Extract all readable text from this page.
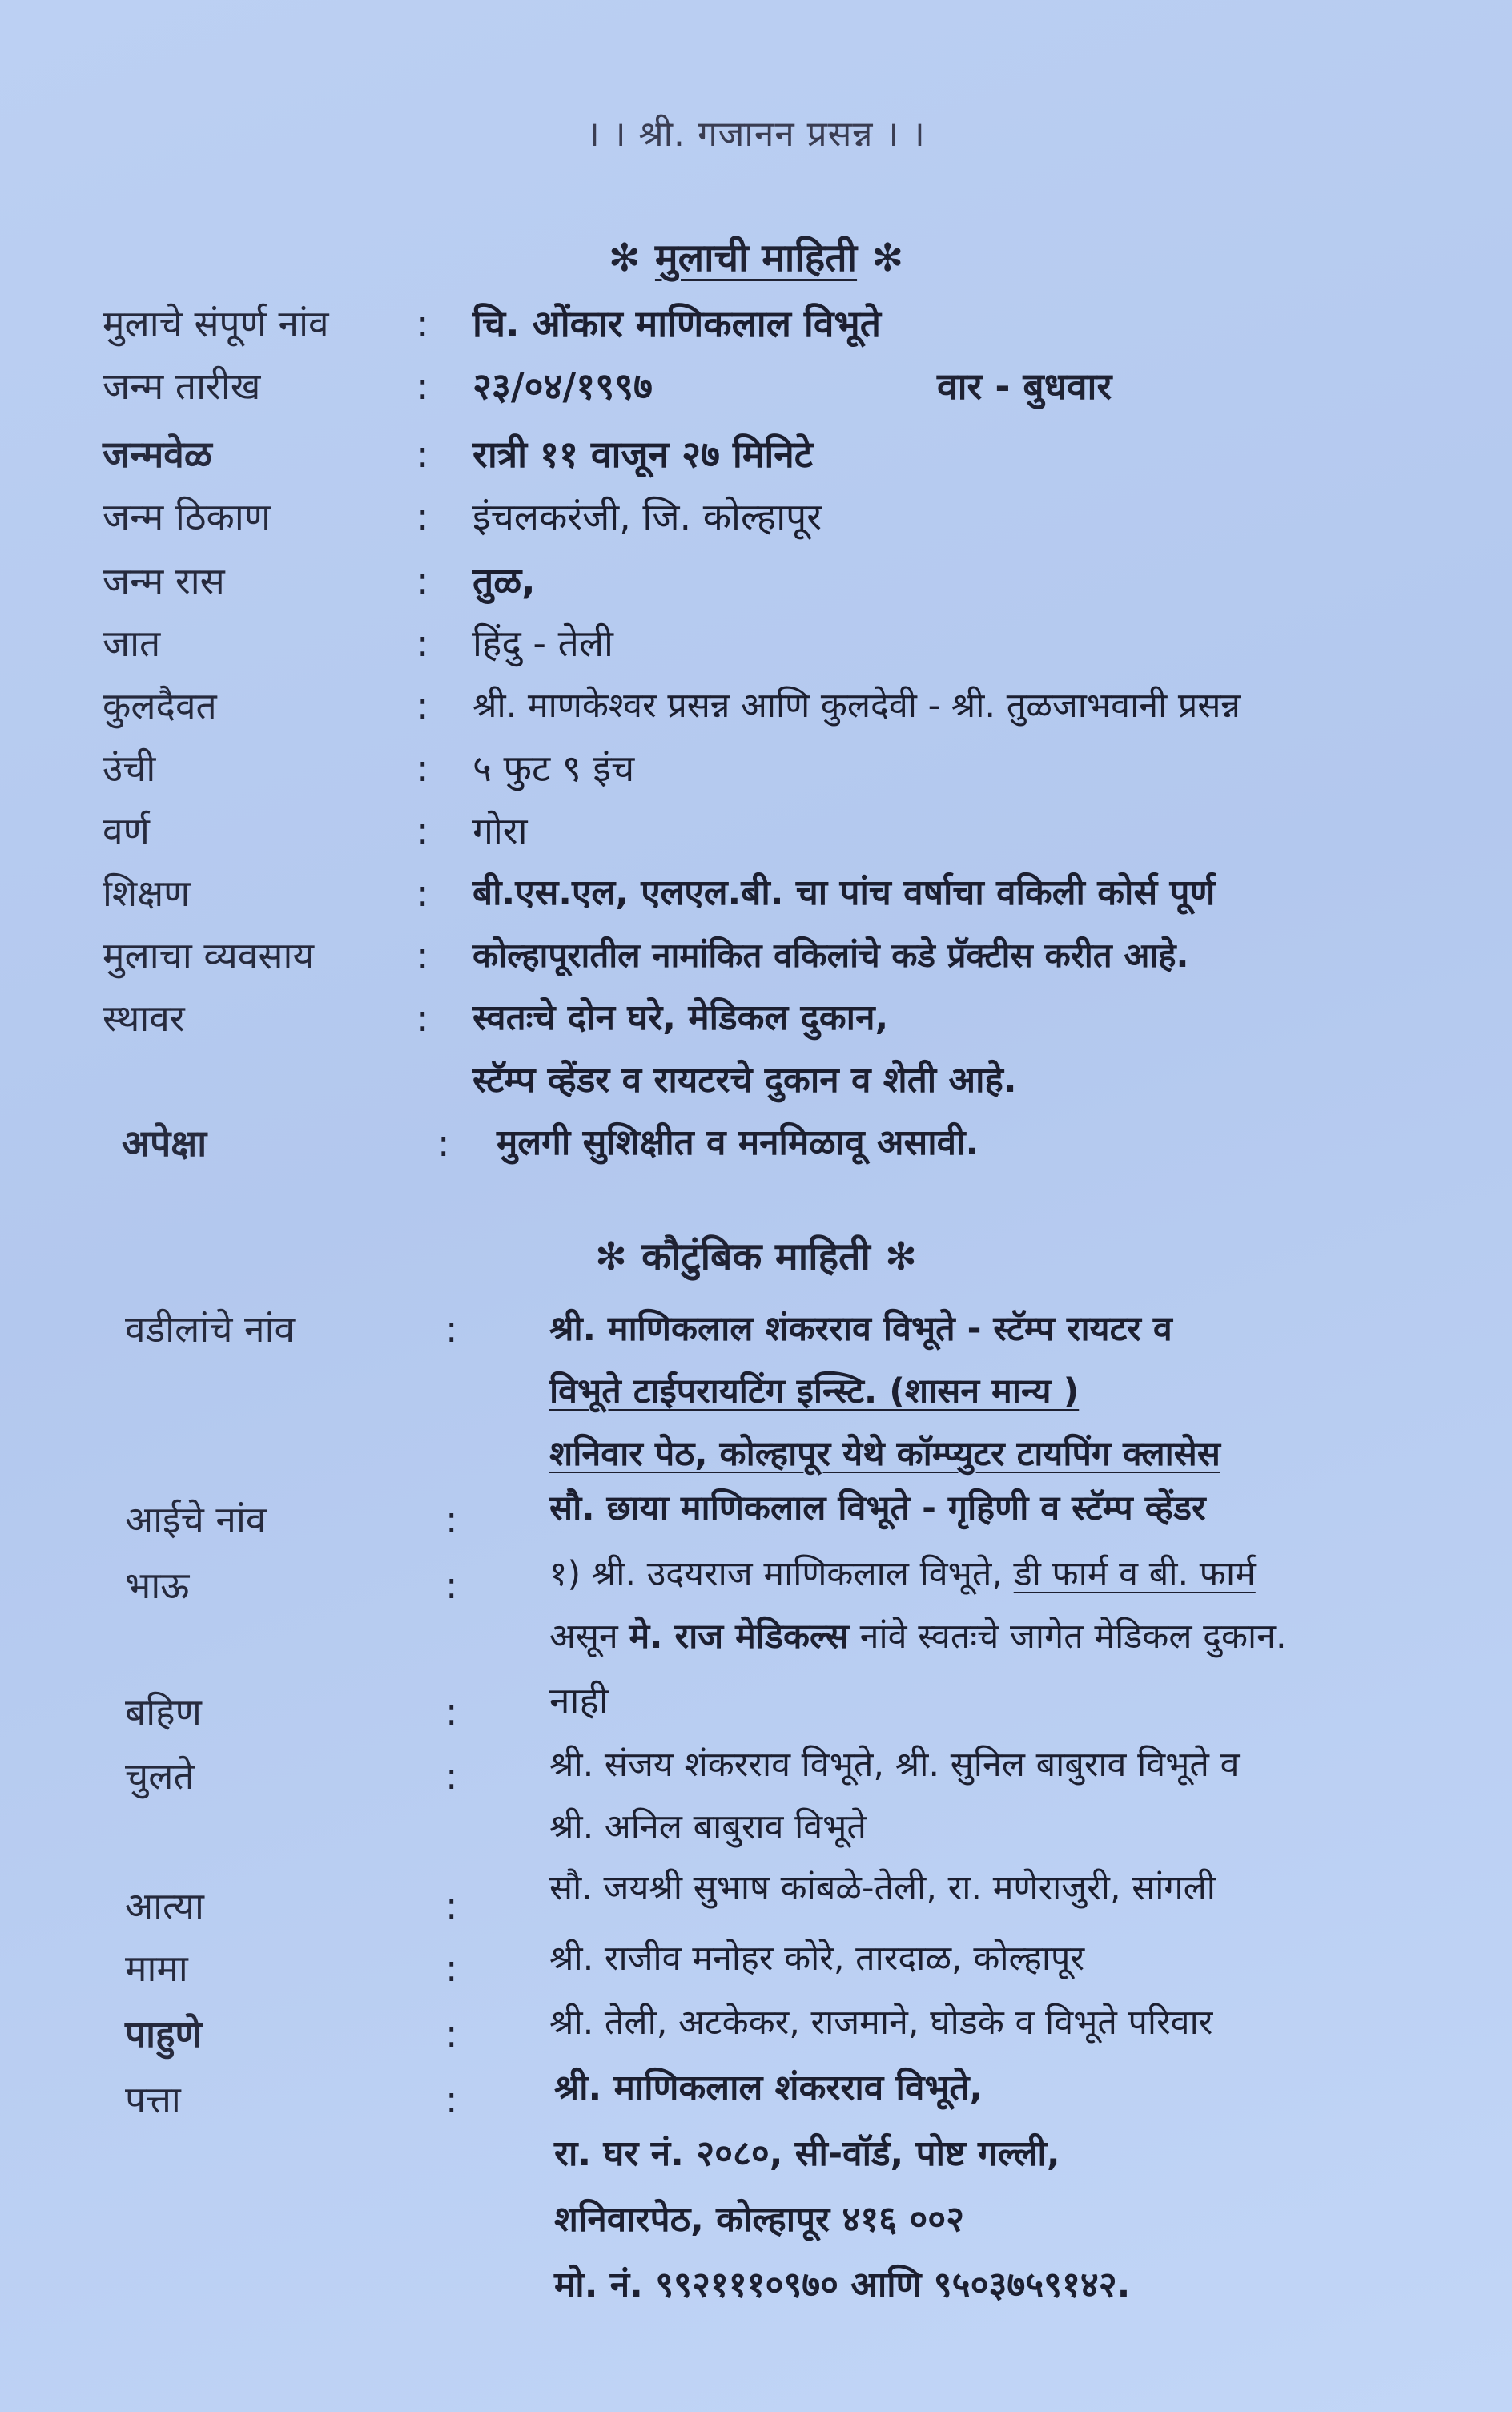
। । श्री. गजानन प्रसन्न । ।
✻ मुलाची माहिती ✻
मुलाचे संपूर्ण नांव : चि. ओंकार माणिकलाल विभूते
जन्म तारीख	: २३/०४/१९९७	वार - बुधवार
जन्मवेळ	: रात्री ११ वाजून २७ मिनिटे
जन्म ठिकाण	: इंचलकरंजी, जि. कोल्हापूर
जन्म रास	: तुळ,
जात	: हिंदु - तेली
कुलदैवत	: श्री. माणकेश्वर प्रसन्न आणि कुलदेवी - श्री. तुळजाभवानी प्रसन्न
उंची	: ५ फुट ९ इंच
वर्ण	: गोरा
शिक्षण	: बी.एस.एल, एलएल.बी. चा पांच वर्षाचा वकिली कोर्स पूर्ण
मुलाचा व्यवसाय	: कोल्हापूरातील नामांकित वकिलांचे कडे प्रॅक्टीस करीत आहे.
स्थावर	: स्वतःचे दोन घरे, मेडिकल दुकान,
स्टॅम्प व्हेंडर व रायटरचे दुकान व शेती आहे.
अपेक्षा	: मुलगी सुशिक्षीत व मनमिळावू असावी.
✻ कौटुंबिक माहिती ✻
वडीलांचे नांव	:	श्री. माणिकलाल शंकरराव विभूते - स्टॅम्प रायटर व
विभूते टाईपरायटिंग इन्स्टि. (शासन मान्य )
शनिवार पेठ, कोल्हापूर येथे कॉम्प्युटर टायपिंग क्लासेस
आईचे नांव	:	सौ. छाया माणिकलाल विभूते - गृहिणी व स्टॅम्प व्हेंडर
भाऊ	:	१) श्री. उदयराज माणिकलाल विभूते, डी फार्म व बी. फार्म
असून मे. राज मेडिकल्स नांवे स्वतःचे जागेत मेडिकल दुकान.
बहिण	: नाही
चुलते	:	श्री. संजय शंकरराव विभूते, श्री. सुनिल बाबुराव विभूते व
श्री. अनिल बाबुराव विभूते
आत्या	:	सौ. जयश्री सुभाष कांबळे-तेली, रा. मणेराजुरी, सांगली
मामा	:	श्री. राजीव मनोहर कोरे, तारदाळ, कोल्हापूर
पाहुणे	:	श्री. तेली, अटकेकर, राजमाने, घोडके व विभूते परिवार
पत्ता	:	श्री. माणिकलाल शंकरराव विभूते,
रा. घर नं. २०८०, सी-वॉर्ड, पोष्ट गल्ली,
शनिवारपेठ, कोल्हापूर ४१६ ००२
मो. नं. ९९२१११०९७० आणि ९५०३७५९१४२.
